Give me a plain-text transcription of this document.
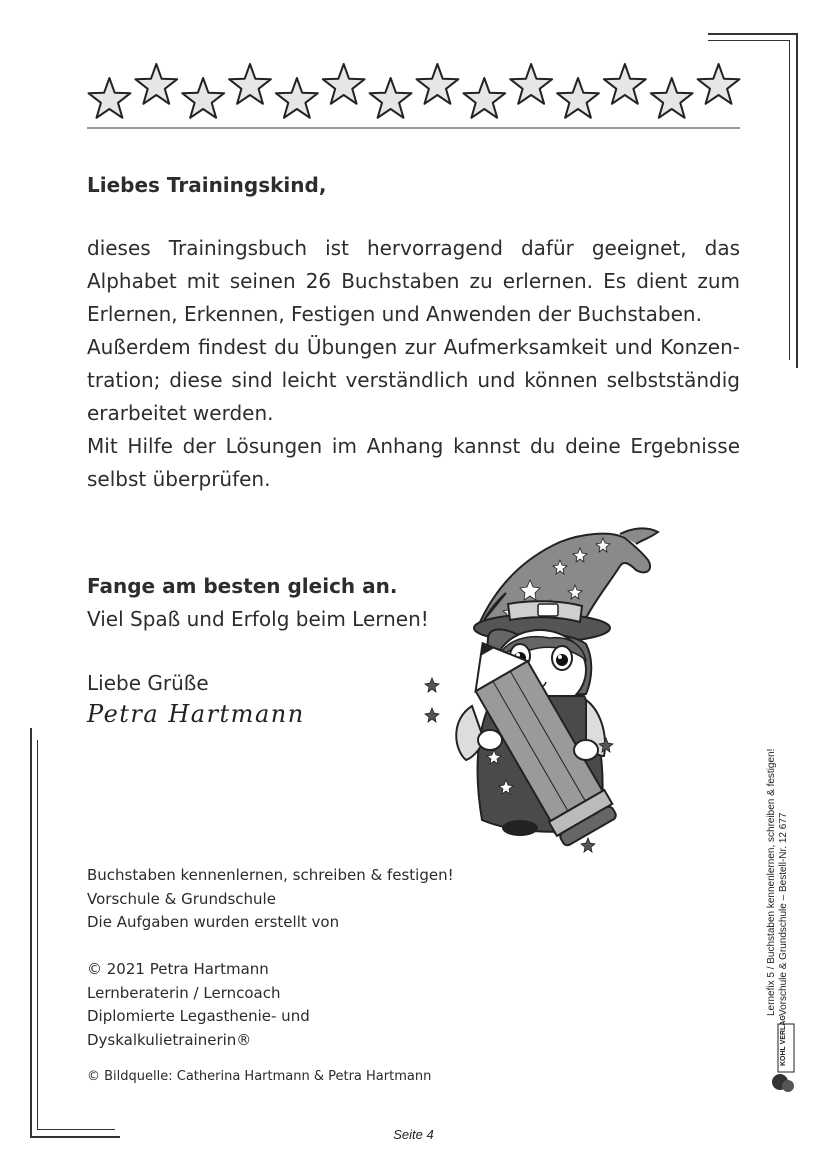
Liebes Trainingskind,

dieses Trainingsbuch ist hervorragend dafür geeignet, das Alphabet mit seinen 26 Buchstaben zu erlernen. Es dient zum Erlernen, Erkennen, Festigen und Anwenden der Buchstaben.

Außerdem findest du Übungen zur Aufmerksamkeit und Konzentration; diese sind leicht verständlich und können selbstständig erarbeitet werden.

Mit Hilfe der Lösungen im Anhang kannst du deine Ergebnisse selbst überprüfen.

Fange am besten gleich an.
Viel Spaß und Erfolg beim Lernen!
Liebe Grüße
Petra Hartmann
Buchstaben kennenlernen, schreiben & festigen!
Vorschule & Grundschule
Die Aufgaben wurden erstellt von
© 2021 Petra Hartmann
Lernberaterin / Lerncoach
Diplomierte Legasthenie- und
Dyskalkulietrainerin®
© Bildquelle: Catherina Hartmann & Petra Hartmann
Seite 4
Lernefix 5 / Buchstaben kennenlernen, schreiben & festigen! Vorschule & Grundschule – Bestell-Nr. 12 677
KOHL VERLAG
